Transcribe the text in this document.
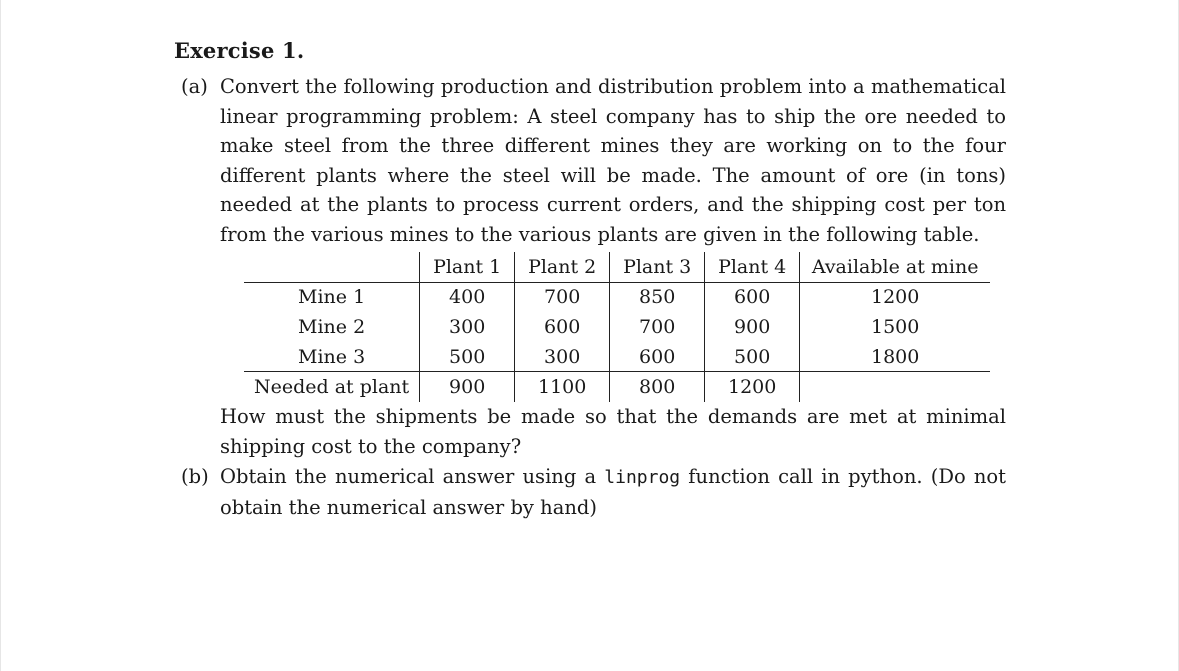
Exercise 1.
(a) Convert the following production and distribution problem into a mathematical linear programming problem: A steel company has to ship the ore needed to make steel from the three different mines they are working on to the four different plants where the steel will be made. The amount of ore (in tons) needed at the plants to process current orders, and the shipping cost per ton from the various mines to the various plants are given in the following table.
	Plant 1	Plant 2	Plant 3	Plant 4	Available at mine
Mine 1	400	700	850	600	1200
Mine 2	300	600	700	900	1500
Mine 3	500	300	600	500	1800
Needed at plant	900	1100	800	1200	
How must the shipments be made so that the demands are met at minimal shipping cost to the company?
(b) Obtain the numerical answer using a linprog function call in python. (Do not obtain the numerical answer by hand)
